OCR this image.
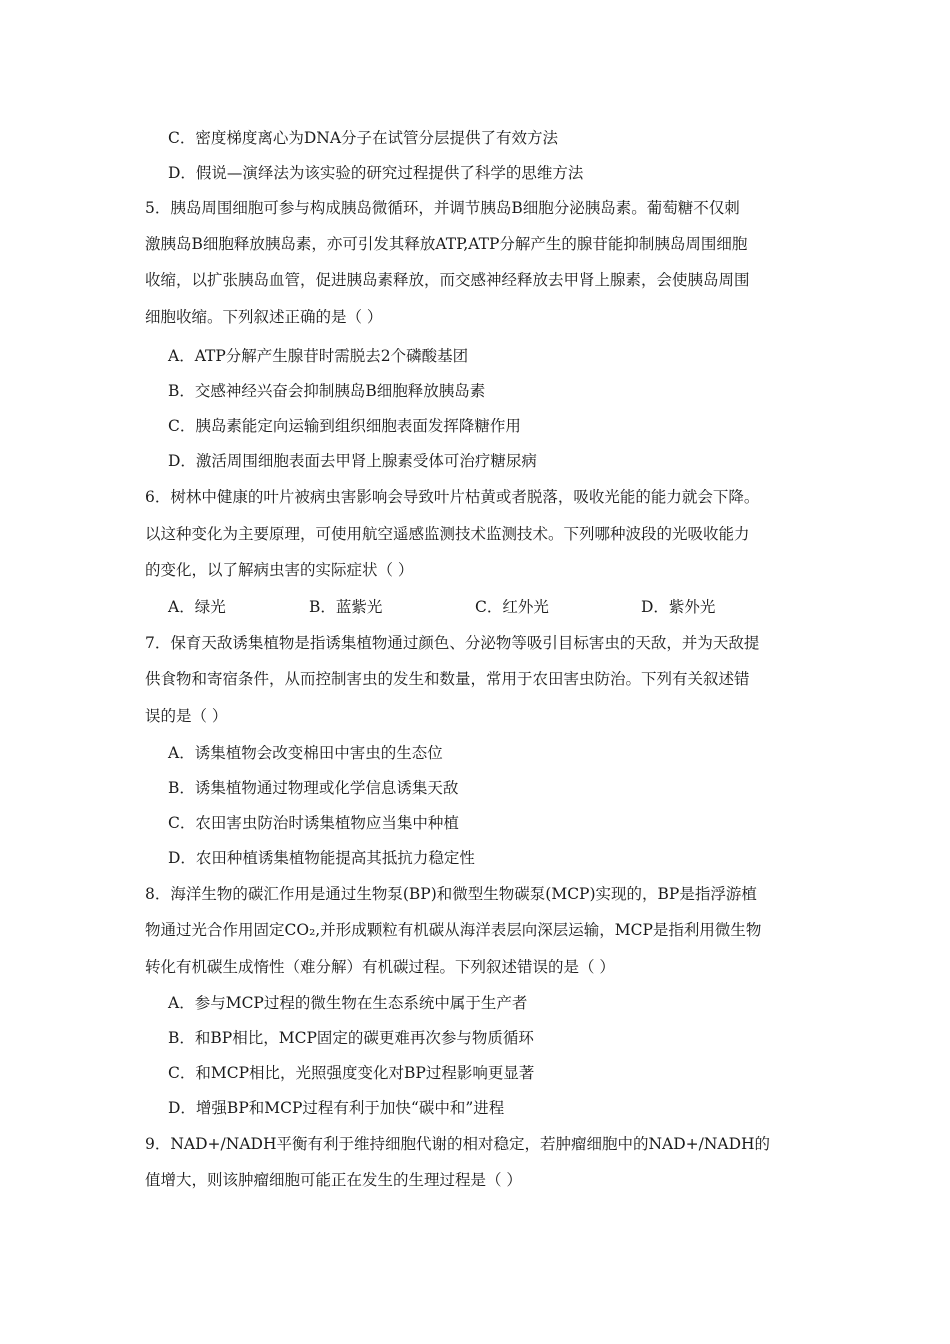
C．密度梯度离心为DNA分子在试管分层提供了有效方法
D．假说—演绎法为该实验的研究过程提供了科学的思维方法
5．胰岛周围细胞可参与构成胰岛微循环，并调节胰岛B细胞分泌胰岛素。葡萄糖不仅刺
激胰岛B细胞释放胰岛素，亦可引发其释放ATP,ATP分解产生的腺苷能抑制胰岛周围细胞
收缩，以扩张胰岛血管，促进胰岛素释放，而交感神经释放去甲肾上腺素，会使胰岛周围
细胞收缩。下列叙述正确的是（ ）
A．ATP分解产生腺苷时需脱去2个磷酸基团
B．交感神经兴奋会抑制胰岛B细胞释放胰岛素
C．胰岛素能定向运输到组织细胞表面发挥降糖作用
D．激活周围细胞表面去甲肾上腺素受体可治疗糖尿病
6．树林中健康的叶片被病虫害影响会导致叶片枯黄或者脱落，吸收光能的能力就会下降。
以这种变化为主要原理，可使用航空遥感监测技术监测技术。下列哪种波段的光吸收能力
的变化，以了解病虫害的实际症状（ ）
A．绿光	B．蓝紫光	C．红外光	D．紫外光
7．保育天敌诱集植物是指诱集植物通过颜色、分泌物等吸引目标害虫的天敌，并为天敌提
供食物和寄宿条件，从而控制害虫的发生和数量，常用于农田害虫防治。下列有关叙述错
误的是（ ）
A．诱集植物会改变棉田中害虫的生态位
B．诱集植物通过物理或化学信息诱集天敌
C．农田害虫防治时诱集植物应当集中种植
D．农田种植诱集植物能提高其抵抗力稳定性
8．海洋生物的碳汇作用是通过生物泵(BP)和微型生物碳泵(MCP)实现的，BP是指浮游植
物通过光合作用固定CO₂,并形成颗粒有机碳从海洋表层向深层运输，MCP是指利用微生物
转化有机碳生成惰性（难分解）有机碳过程。下列叙述错误的是（ ）
A．参与MCP过程的微生物在生态系统中属于生产者
B．和BP相比，MCP固定的碳更难再次参与物质循环
C．和MCP相比，光照强度变化对BP过程影响更显著
D．增强BP和MCP过程有利于加快“碳中和”进程
9．NAD+/NADH平衡有利于维持细胞代谢的相对稳定，若肿瘤细胞中的NAD+/NADH的
值增大，则该肿瘤细胞可能正在发生的生理过程是（ ）
